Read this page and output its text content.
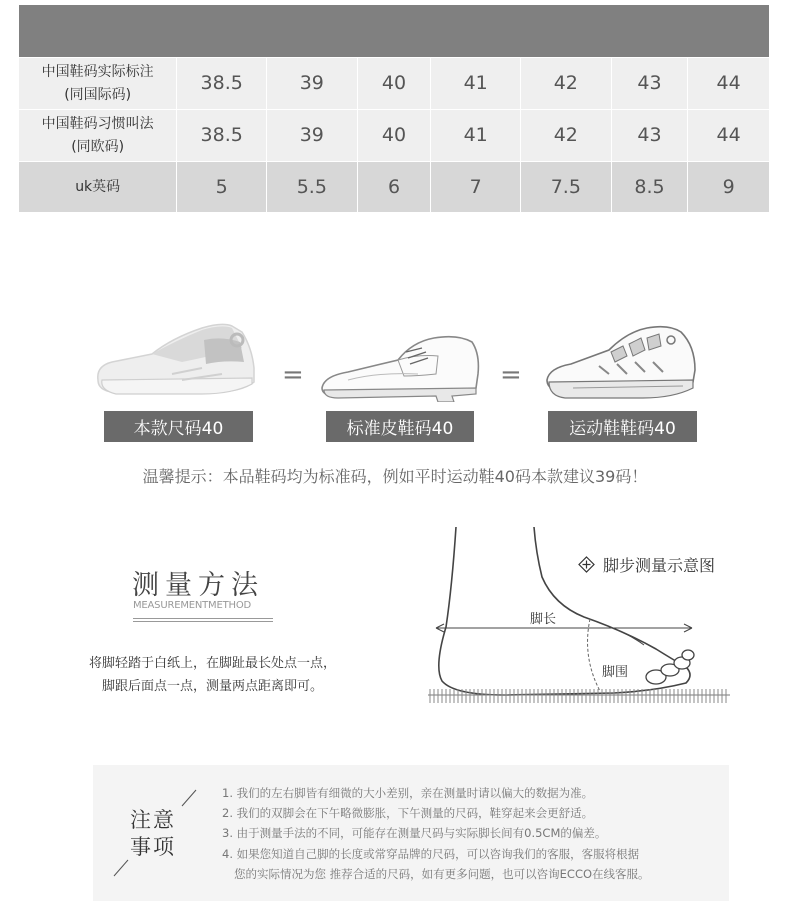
中国鞋码实际标注
(同国际码)
38.5	39	40	41	42	43	44
中国鞋码习惯叫法
(同欧码)
38.5	39	40	41	42	43	44
uk英码	5	5.5	6	7	7.5	8.5	9
=	=
本款尺码40	标准皮鞋码40	运动鞋鞋码40
温馨提示：本品鞋码均为标准码，例如平时运动鞋40码本款建议39码！
测量方法
MEASUREMENTMETHOD
将脚轻踏于白纸上，在脚趾最长处点一点，
脚跟后面点一点，测量两点距离即可。
脚步测量示意图
脚长
脚围
注意
事项
1. 我们的左右脚皆有细微的大小差别，亲在测量时请以偏大的数据为准。
2. 我们的双脚会在下午略微膨胀，下午测量的尺码，鞋穿起来会更舒适。
3. 由于测量手法的不同，可能存在测量尺码与实际脚长间有0.5CM的偏差。
4. 如果您知道自己脚的长度或常穿品牌的尺码，可以咨询我们的客服，客服将根据
您的实际情况为您 推荐合适的尺码，如有更多问题，也可以咨询ECCO在线客服。
